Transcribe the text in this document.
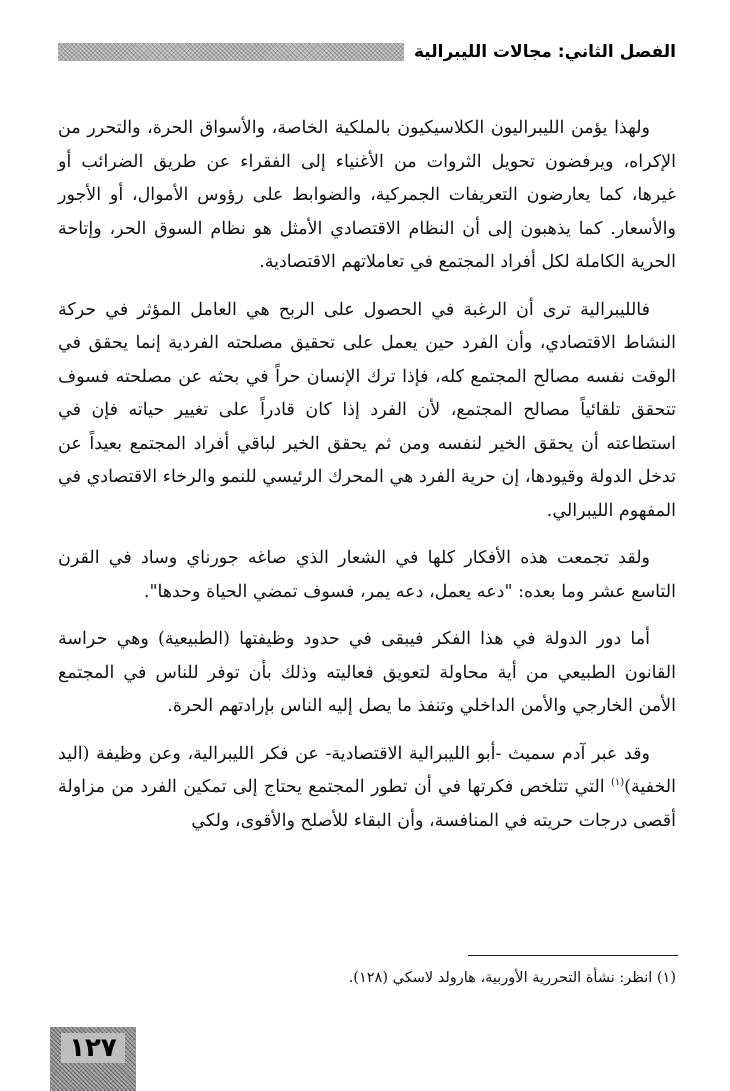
الفصل الثاني: مجالات الليبرالية

ولهذا يؤمن الليبراليون الكلاسيكيون بالملكية الخاصة، والأسواق الحرة، والتحرر من الإكراه، ويرفضون تحويل الثروات من الأغنياء إلى الفقراء عن طريق الضرائب أو غيرها، كما يعارضون التعريفات الجمركية، والضوابط على رؤوس الأموال، أو الأجور والأسعار. كما يذهبون إلى أن النظام الاقتصادي الأمثل هو نظام السوق الحر، وإتاحة الحرية الكاملة لكل أفراد المجتمع في تعاملاتهم الاقتصادية.

فالليبرالية ترى أن الرغبة في الحصول على الربح هي العامل المؤثر في حركة النشاط الاقتصادي، وأن الفرد حين يعمل على تحقيق مصلحته الفردية إنما يحقق في الوقت نفسه مصالح المجتمع كله، فإذا ترك الإنسان حراً في بحثه عن مصلحته فسوف تتحقق تلقائياً مصالح المجتمع، لأن الفرد إذا كان قادراً على تغيير حياته فإن في استطاعته أن يحقق الخير لنفسه ومن ثم يحقق الخير لباقي أفراد المجتمع بعيداً عن تدخل الدولة وقيودها، إن حرية الفرد هي المحرك الرئيسي للنمو والرخاء الاقتصادي في المفهوم الليبرالي.

ولقد تجمعت هذه الأفكار كلها في الشعار الذي صاغه جورناي وساد في القرن التاسع عشر وما بعده: "دعه يعمل، دعه يمر، فسوف تمضي الحياة وحدها".

أما دور الدولة في هذا الفكر فيبقى في حدود وظيفتها (الطبيعية) وهي حراسة القانون الطبيعي من أية محاولة لتعويق فعاليته وذلك بأن توفر للناس في المجتمع الأمن الخارجي والأمن الداخلي وتنفذ ما يصل إليه الناس بإرادتهم الحرة.

وقد عبر آدم سميث -أبو الليبرالية الاقتصادية- عن فكر الليبرالية، وعن وظيفة (اليد الخفية)$^{(١)}$ التي تتلخص فكرتها في أن تطور المجتمع يحتاج إلى تمكين الفرد من مزاولة أقصى درجات حريته في المنافسة، وأن البقاء للأصلح والأقوى، ولكي

(١) انظر: نشأة التحررية الأوربية، هارولد لاسكي (١٢٨).
١٢٧
